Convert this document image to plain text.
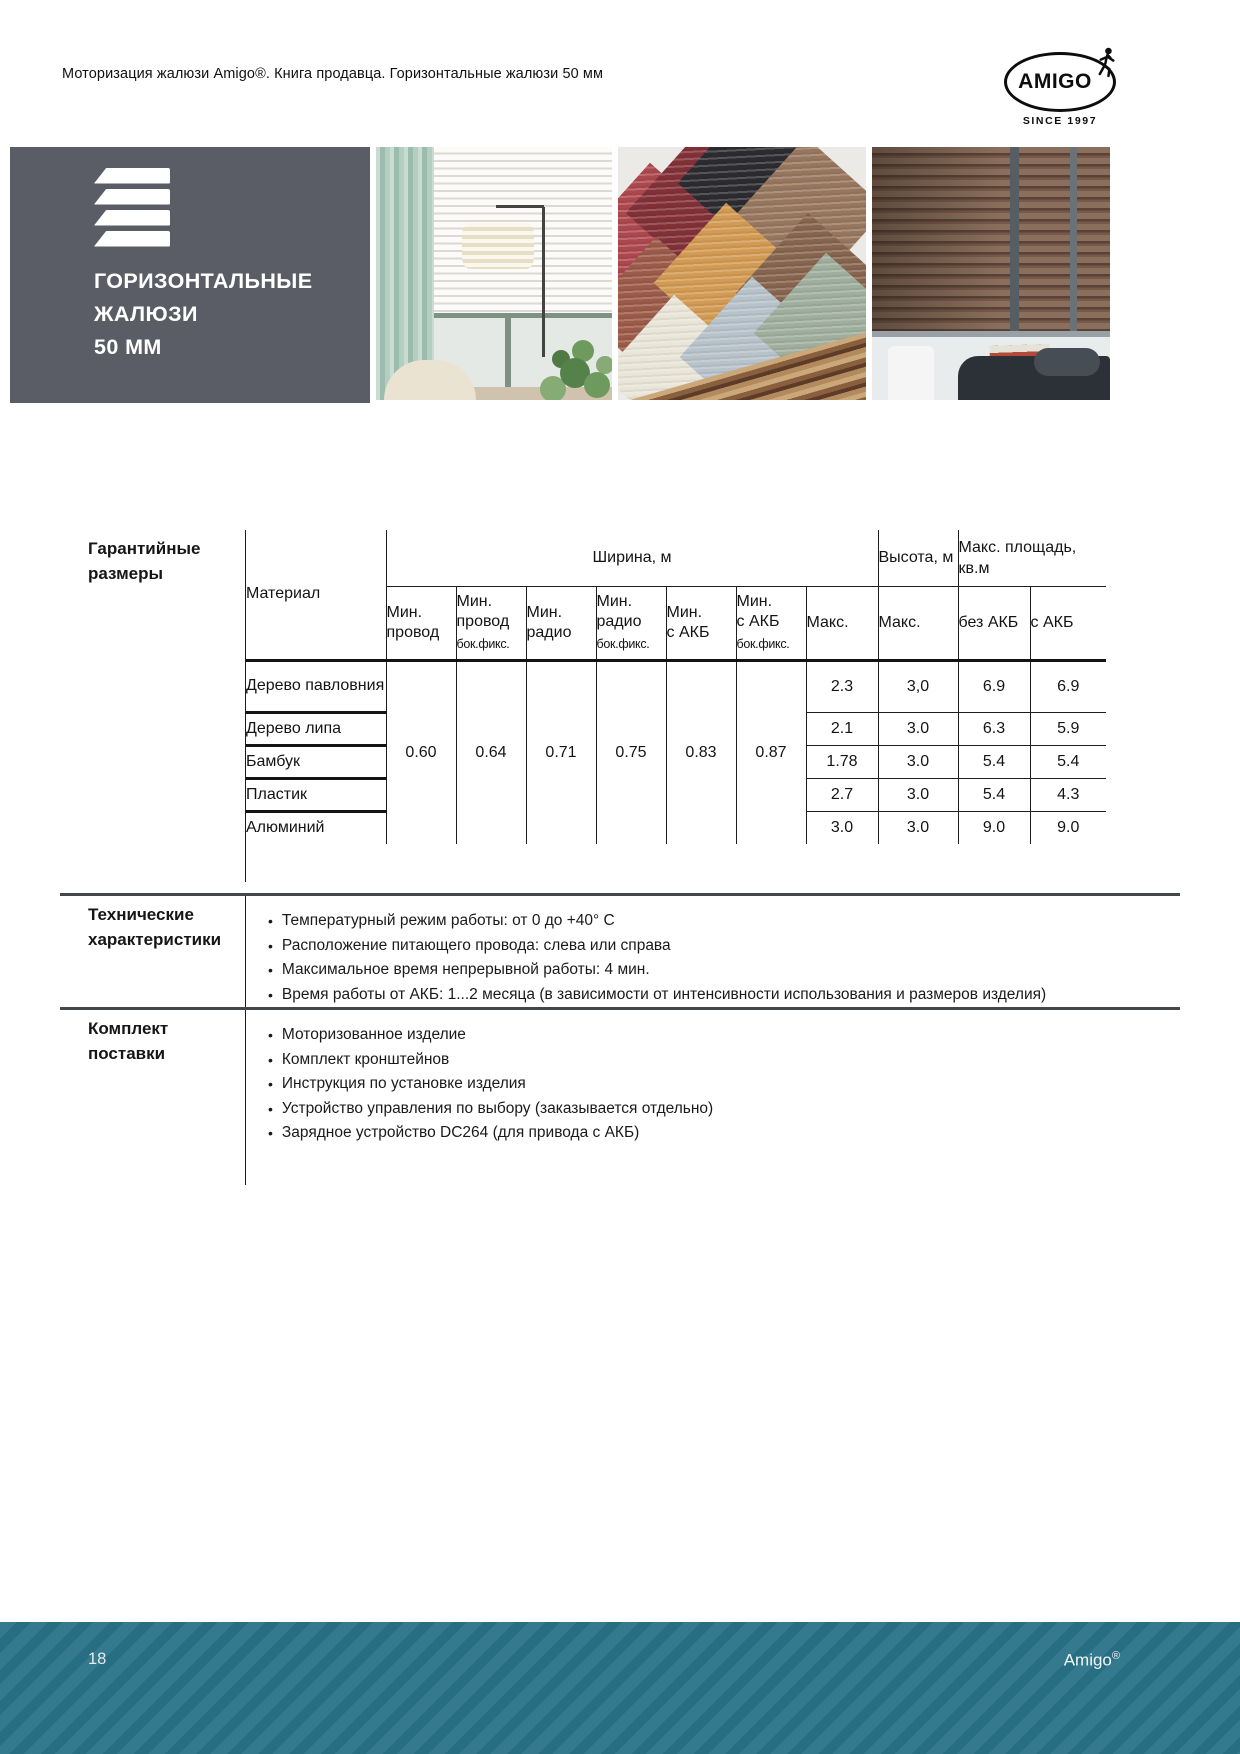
Моторизация жалюзи Amigo®. Книга продавца. Горизонтальные жалюзи 50 мм	AMIGO
SINCE 1997
ГОРИЗОНТАЛЬНЫЕ
ЖАЛЮЗИ
50 ММ
Гарантийные
размеры
Материал	Ширина, м							Высота, м	Макс. площадь, кв.м	

	Мин.
провод	Мин.
провод
бок.фикс.	Мин.
радио	Мин.
радио
бок.фикс.	Мин.
с АКБ	Мин.
с АКБ
бок.фикс.	Макс.	Макс.	без АКБ	с АКБ

Дерево павловния	0.60	0.64	0.71	0.75	0.83	0.87	2.3	3,0	6.9	6.9
Дерево липа							2.1	3.0	6.3	5.9
Бамбук							1.78	3.0	5.4	5.4
Пластик							2.7	3.0	5.4	4.3
Алюминий							3.0	3.0	9.0	9.0

Технические
характеристики
• Температурный режим работы: от 0 до +40° С
• Расположение питающего провода: слева или справа
• Максимальное время непрерывной работы: 4 мин.
• Время работы от АКБ: 1...2 месяца (в зависимости от интенсивности использования и размеров изделия)
Комплект
поставки
• Моторизованное изделие
• Комплект кронштейнов
• Инструкция по установке изделия
• Устройство управления по выбору (заказывается отдельно)
• Зарядное устройство DC264 (для привода с АКБ)
18	Amigo®
